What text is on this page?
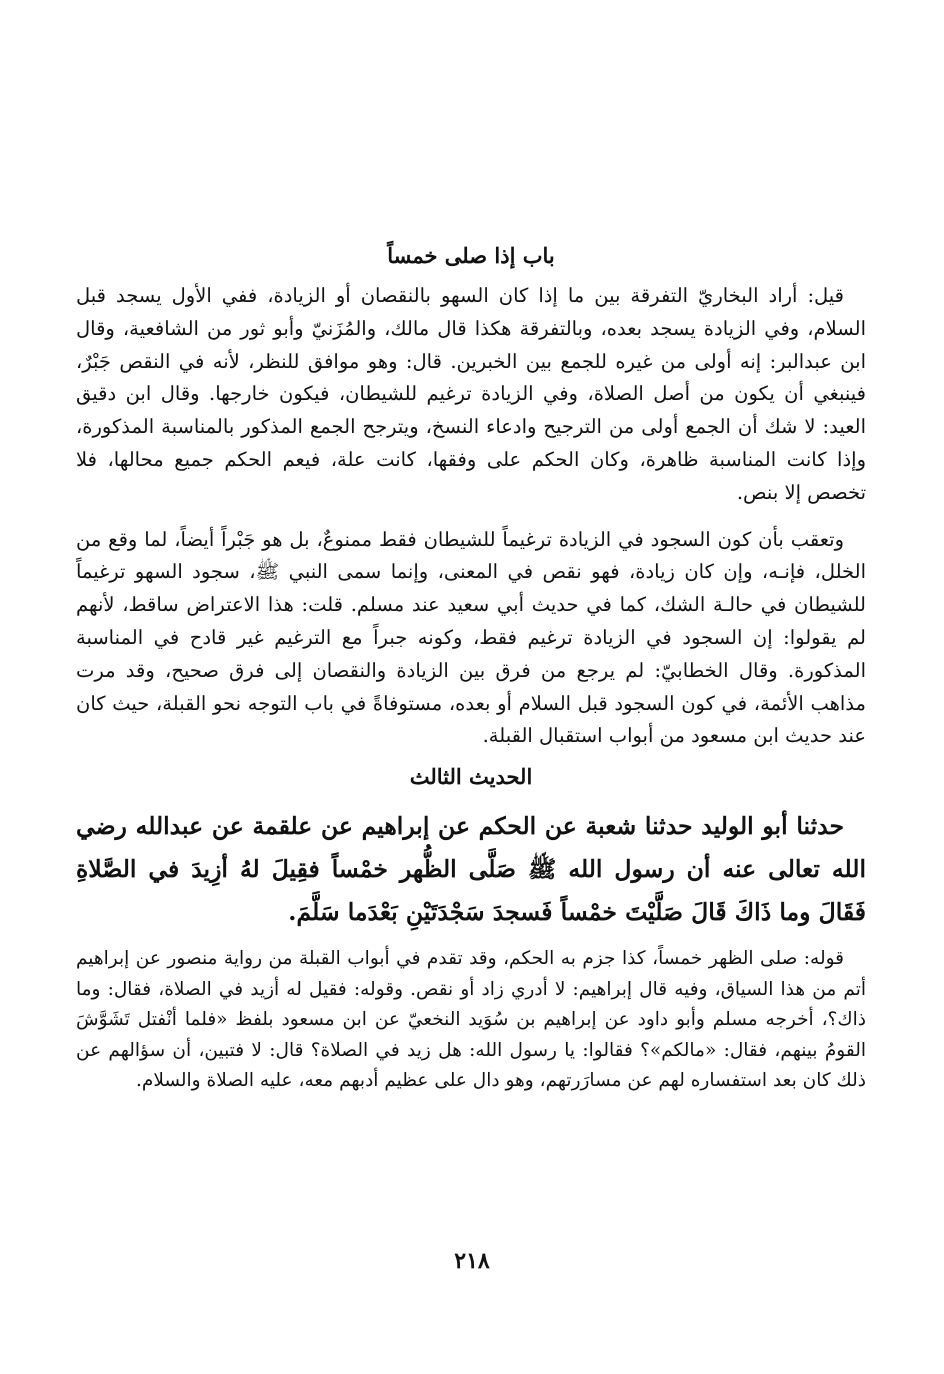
باب إذا صلى خمساً

قيل: أراد البخاريّ التفرقة بين ما إذا كان السهو بالنقصان أو الزيادة، ففي الأول يسجد قبل السلام، وفي الزيادة يسجد بعده، وبالتفرقة هكذا قال مالك، والمُزَنيّ وأبو ثور من الشافعية، وقال ابن عبدالبر: إنه أولى من غيره للجمع بين الخبرين. قال: وهو موافق للنظر، لأنه في النقص جَبْرٌ، فينبغي أن يكون من أصل الصلاة، وفي الزيادة ترغيم للشيطان، فيكون خارجها. وقال ابن دقيق العيد: لا شك أن الجمع أولى من الترجيح وادعاء النسخ، ويترجح الجمع المذكور بالمناسبة المذكورة، وإذا كانت المناسبة ظاهرة، وكان الحكم على وفقها، كانت علة، فيعم الحكم جميع محالها، فلا تخصص إلا بنص.

وتعقب بأن كون السجود في الزيادة ترغيماً للشيطان فقط ممنوعٌ، بل هو جَبْراً أيضاً، لما وقع من الخلل، فإنـه، وإن كان زيادة، فهو نقص في المعنى، وإنما سمى النبي ﷺ، سجود السهو ترغيماً للشيطان في حالـة الشك، كما في حديث أبي سعيد عند مسلم. قلت: هذا الاعتراض ساقط، لأنهم لم يقولوا: إن السجود في الزيادة ترغيم فقط، وكونه جبراً مع الترغيم غير قادح في المناسبة المذكورة. وقال الخطابيّ: لم يرجع من فرق بين الزيادة والنقصان إلى فرق صحيح، وقد مرت مذاهب الأئمة، في كون السجود قبل السلام أو بعده، مستوفاةً في باب التوجه نحو القبلة، حيث كان عند حديث ابن مسعود من أبواب استقبال القبلة.

الحديث الثالث

حدثنا أبو الوليد حدثنا شعبة عن الحكم عن إبراهيم عن علقمة عن عبدالله رضي الله تعالى عنه أن رسول الله ﷺ صَلَّى الظُّهر خمْساً فقِيلَ لهُ أزِيدَ في الصَّلاةِ فَقَالَ وما ذَاكَ قَالَ صَلَّيْتَ خمْساً فَسجدَ سَجْدَتَيْنِ بَعْدَما سَلَّمَ.

قوله: صلى الظهر خمساً، كذا جزم به الحكم، وقد تقدم في أبواب القبلة من رواية منصور عن إبراهيم أتم من هذا السياق، وفيه قال إبراهيم: لا أدري زاد أو نقص. وقوله: فقيل له أزيد في الصلاة، فقال: وما ذاك؟، أخرجه مسلم وأبو داود عن إبراهيم بن سُوَيد النخعيّ عن ابن مسعود بلفظ «فلما أنْفتل تَشَوَّشَ القومُ بينهم، فقال: «مالكم»؟ فقالوا: يا رسول الله: هل زيد في الصلاة؟ قال: لا فتبين، أن سؤالهم عن ذلك كان بعد استفساره لهم عن مسارَرتهم، وهو دال على عظيم أدبهم معه، عليه الصلاة والسلام.

٢١٨
